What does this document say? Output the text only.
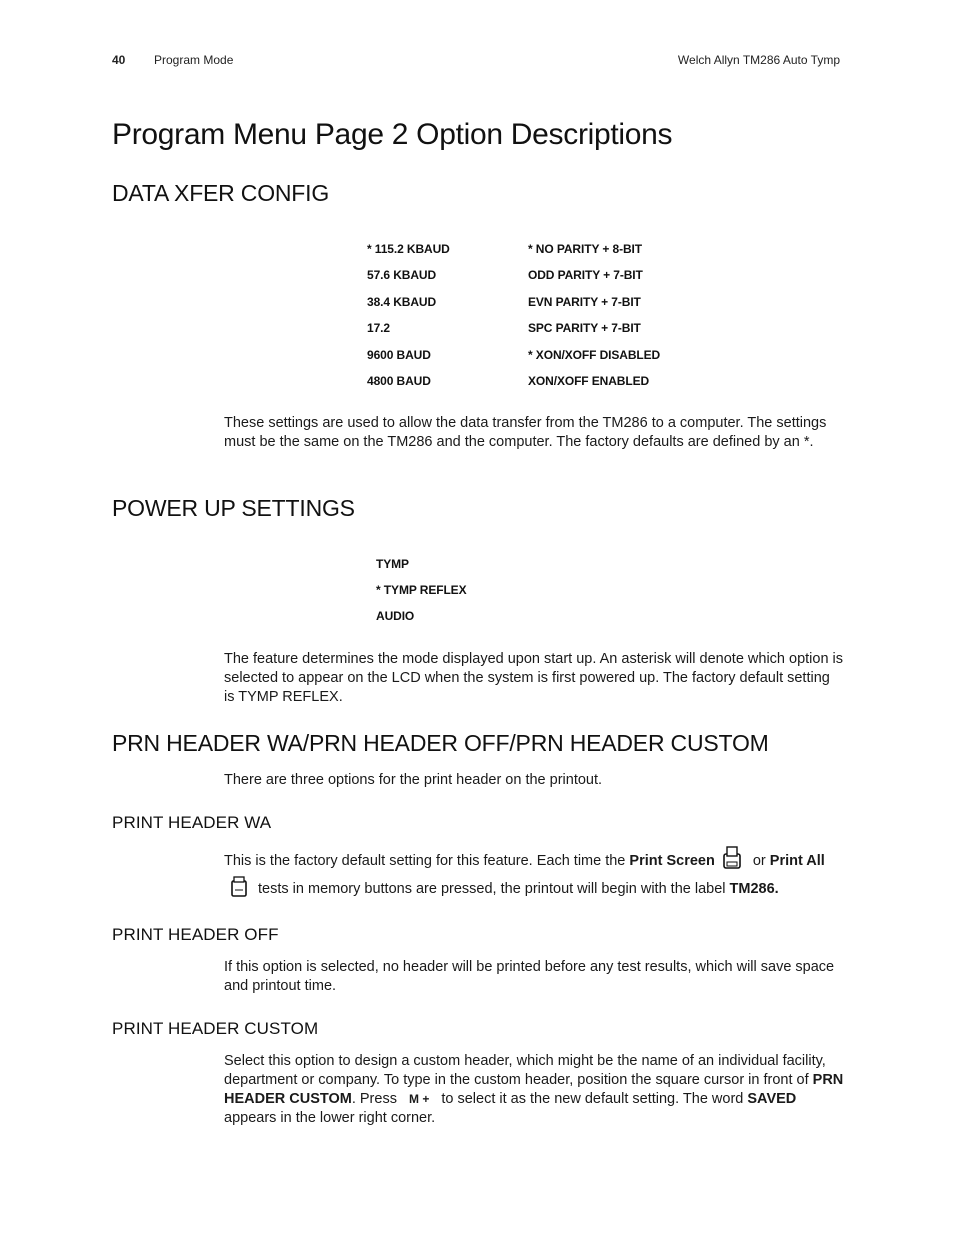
40 Program Mode	Welch Allyn TM286 Auto Tymp
Program Menu Page 2 Option Descriptions
DATA XFER CONFIG
* 115.2 KBAUD
57.6 KBAUD
38.4 KBAUD
17.2
9600 BAUD
4800 BAUD
* NO PARITY + 8-BIT
ODD PARITY + 7-BIT
EVN PARITY + 7-BIT
SPC PARITY + 7-BIT
* XON/XOFF DISABLED
XON/XOFF ENABLED
These settings are used to allow the data transfer from the TM286 to a computer. The settings must be the same on the TM286 and the computer. The factory defaults are defined by an *.
POWER UP SETTINGS
TYMP
* TYMP REFLEX
AUDIO
The feature determines the mode displayed upon start up. An asterisk will denote which option is selected to appear on the LCD when the system is first powered up. The factory default setting is TYMP REFLEX.
PRN HEADER WA/PRN HEADER OFF/PRN HEADER CUSTOM
There are three options for the print header on the printout.
PRINT HEADER WA
This is the factory default setting for this feature. Each time the Print Screen or Print All tests in memory buttons are pressed, the printout will begin with the label TM286.
PRINT HEADER OFF
If this option is selected, no header will be printed before any test results, which will save space and printout time.
PRINT HEADER CUSTOM
Select this option to design a custom header, which might be the name of an individual facility, department or company. To type in the custom header, position the square cursor in front of PRN HEADER CUSTOM. Press M + to select it as the new default setting. The word SAVED appears in the lower right corner.
